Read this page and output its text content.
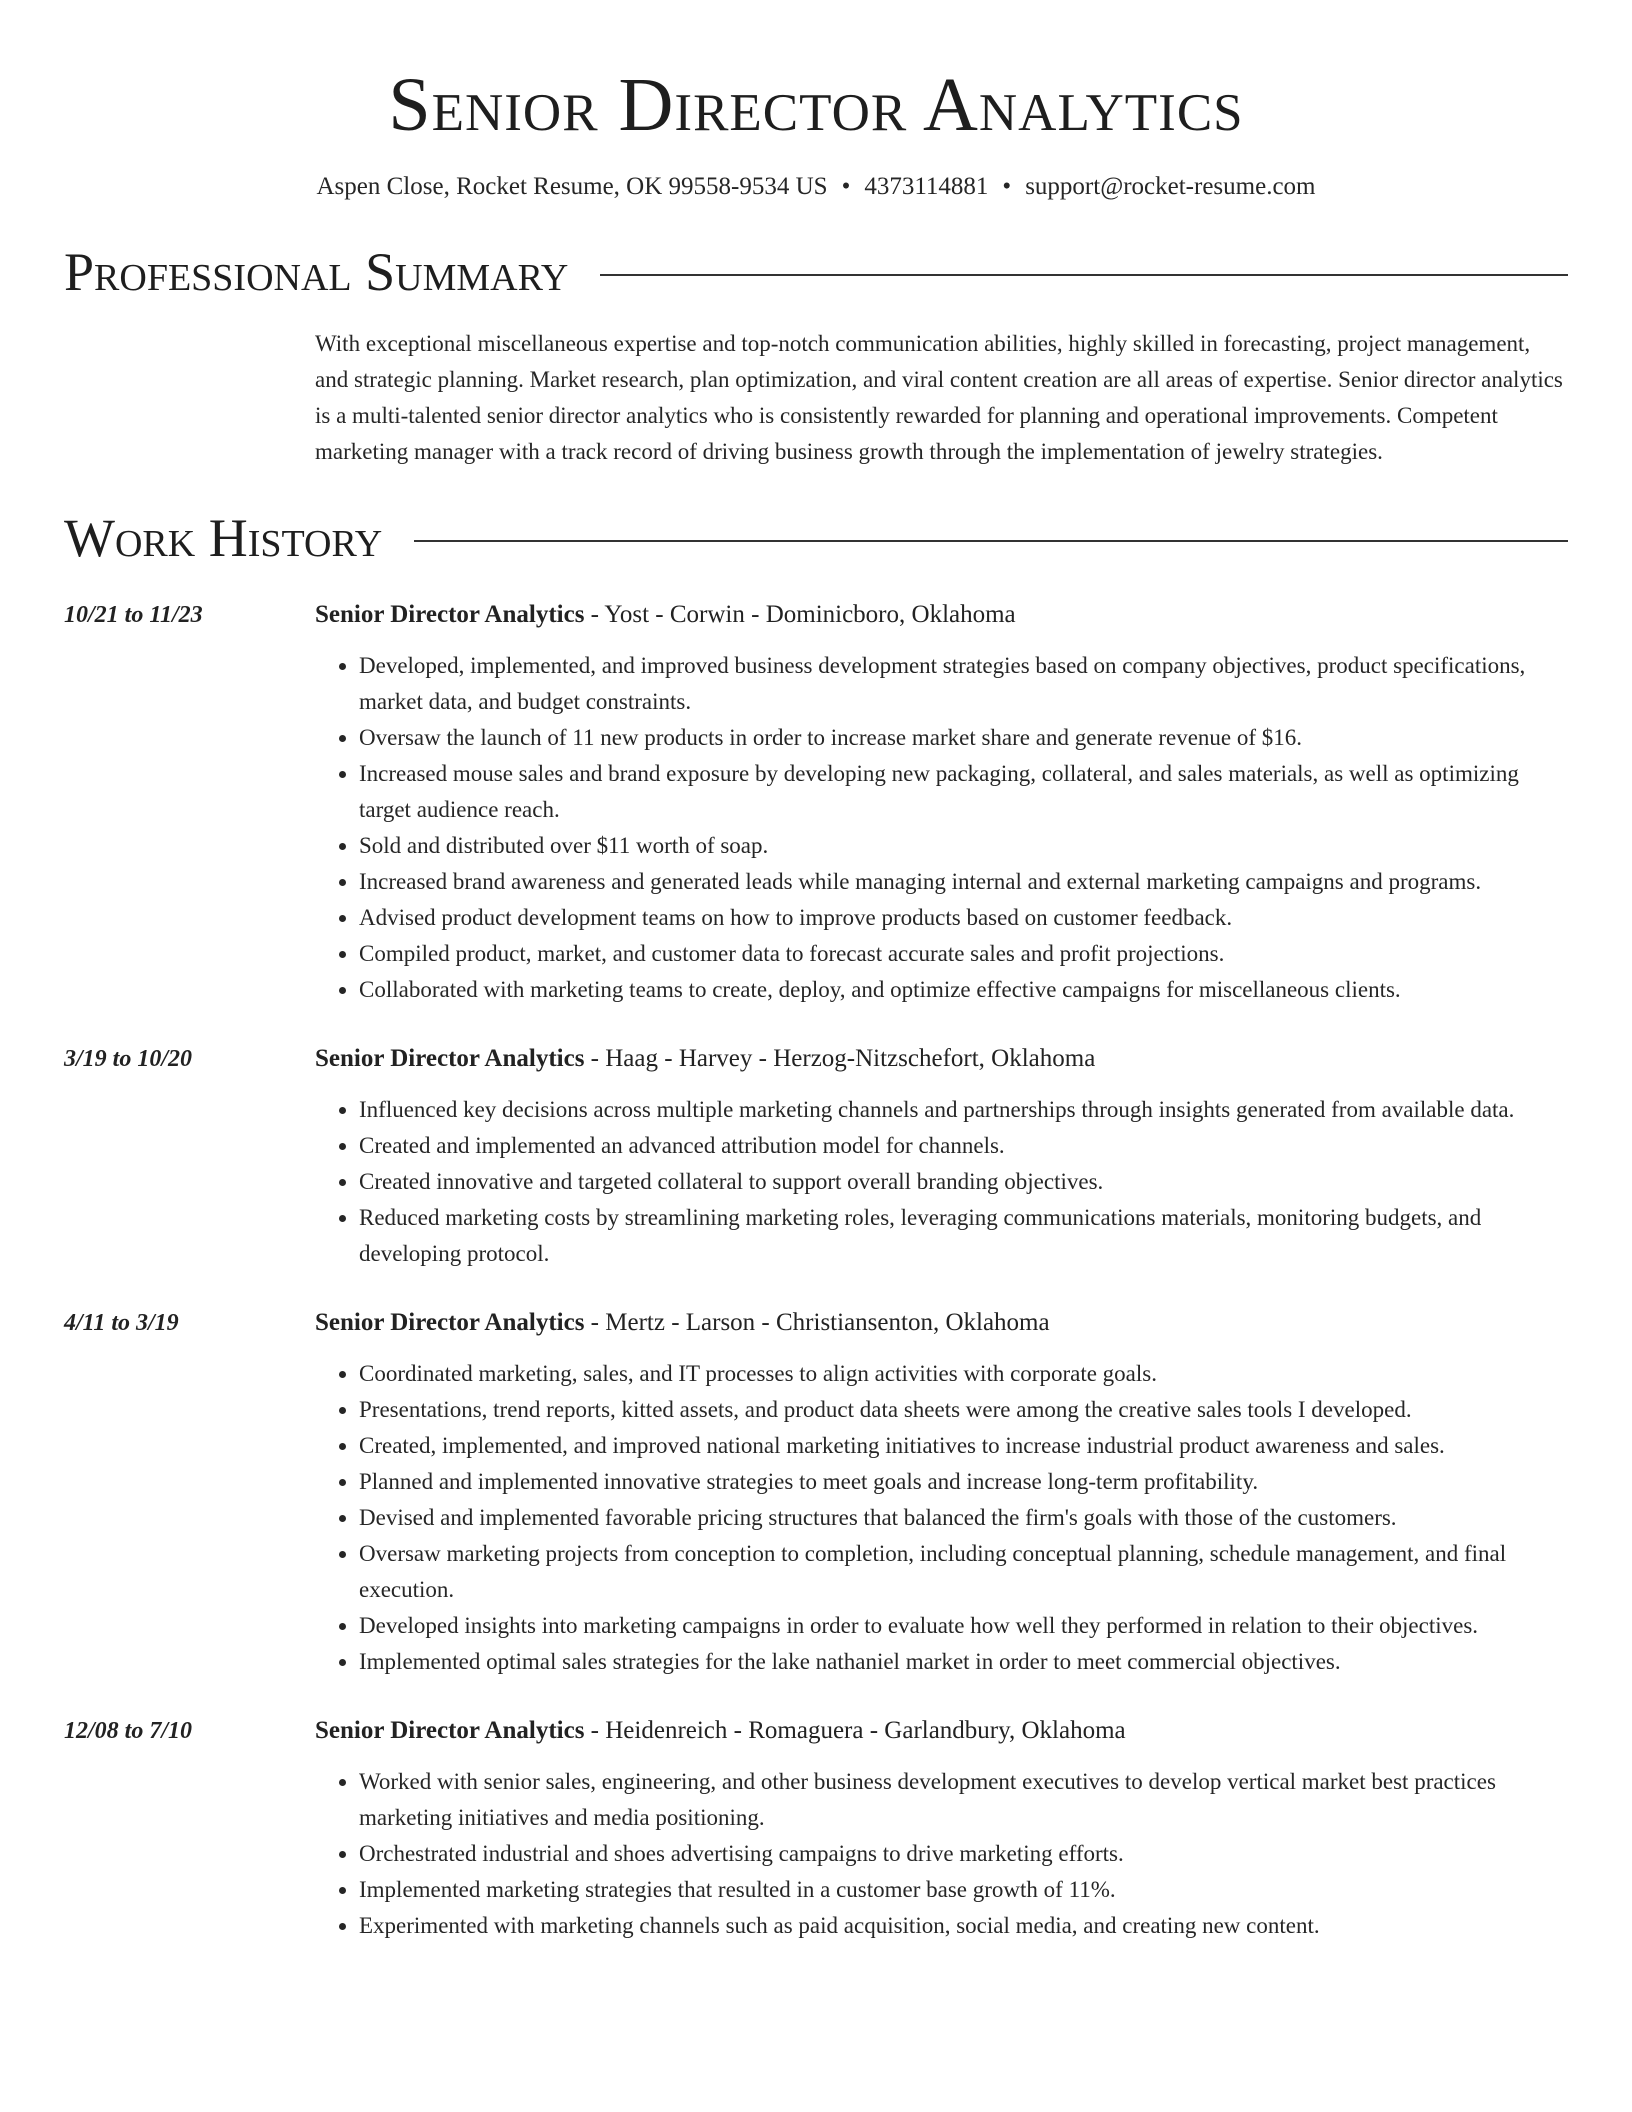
Senior Director Analytics
Aspen Close, Rocket Resume, OK 99558-9534 US • 4373114881 • support@rocket-resume.com
Professional Summary
With exceptional miscellaneous expertise and top-notch communication abilities, highly skilled in forecasting, project management, and strategic planning. Market research, plan optimization, and viral content creation are all areas of expertise. Senior director analytics is a multi-talented senior director analytics who is consistently rewarded for planning and operational improvements. Competent marketing manager with a track record of driving business growth through the implementation of jewelry strategies.
Work History
10/21 to 11/23	Senior Director Analytics - Yost - Corwin - Dominicboro, Oklahoma
• Developed, implemented, and improved business development strategies based on company objectives, product specifications, market data, and budget constraints.
• Oversaw the launch of 11 new products in order to increase market share and generate revenue of $16.
• Increased mouse sales and brand exposure by developing new packaging, collateral, and sales materials, as well as optimizing target audience reach.
• Sold and distributed over $11 worth of soap.
• Increased brand awareness and generated leads while managing internal and external marketing campaigns and programs.
• Advised product development teams on how to improve products based on customer feedback.
• Compiled product, market, and customer data to forecast accurate sales and profit projections.
• Collaborated with marketing teams to create, deploy, and optimize effective campaigns for miscellaneous clients.
3/19 to 10/20	Senior Director Analytics - Haag - Harvey - Herzog-Nitzschefort, Oklahoma
• Influenced key decisions across multiple marketing channels and partnerships through insights generated from available data.
• Created and implemented an advanced attribution model for channels.
• Created innovative and targeted collateral to support overall branding objectives.
• Reduced marketing costs by streamlining marketing roles, leveraging communications materials, monitoring budgets, and developing protocol.
4/11 to 3/19	Senior Director Analytics - Mertz - Larson - Christiansenton, Oklahoma
• Coordinated marketing, sales, and IT processes to align activities with corporate goals.
• Presentations, trend reports, kitted assets, and product data sheets were among the creative sales tools I developed.
• Created, implemented, and improved national marketing initiatives to increase industrial product awareness and sales.
• Planned and implemented innovative strategies to meet goals and increase long-term profitability.
• Devised and implemented favorable pricing structures that balanced the firm's goals with those of the customers.
• Oversaw marketing projects from conception to completion, including conceptual planning, schedule management, and final execution.
• Developed insights into marketing campaigns in order to evaluate how well they performed in relation to their objectives.
• Implemented optimal sales strategies for the lake nathaniel market in order to meet commercial objectives.
12/08 to 7/10	Senior Director Analytics - Heidenreich - Romaguera - Garlandbury, Oklahoma
• Worked with senior sales, engineering, and other business development executives to develop vertical market best practices marketing initiatives and media positioning.
• Orchestrated industrial and shoes advertising campaigns to drive marketing efforts.
• Implemented marketing strategies that resulted in a customer base growth of 11%.
• Experimented with marketing channels such as paid acquisition, social media, and creating new content.
